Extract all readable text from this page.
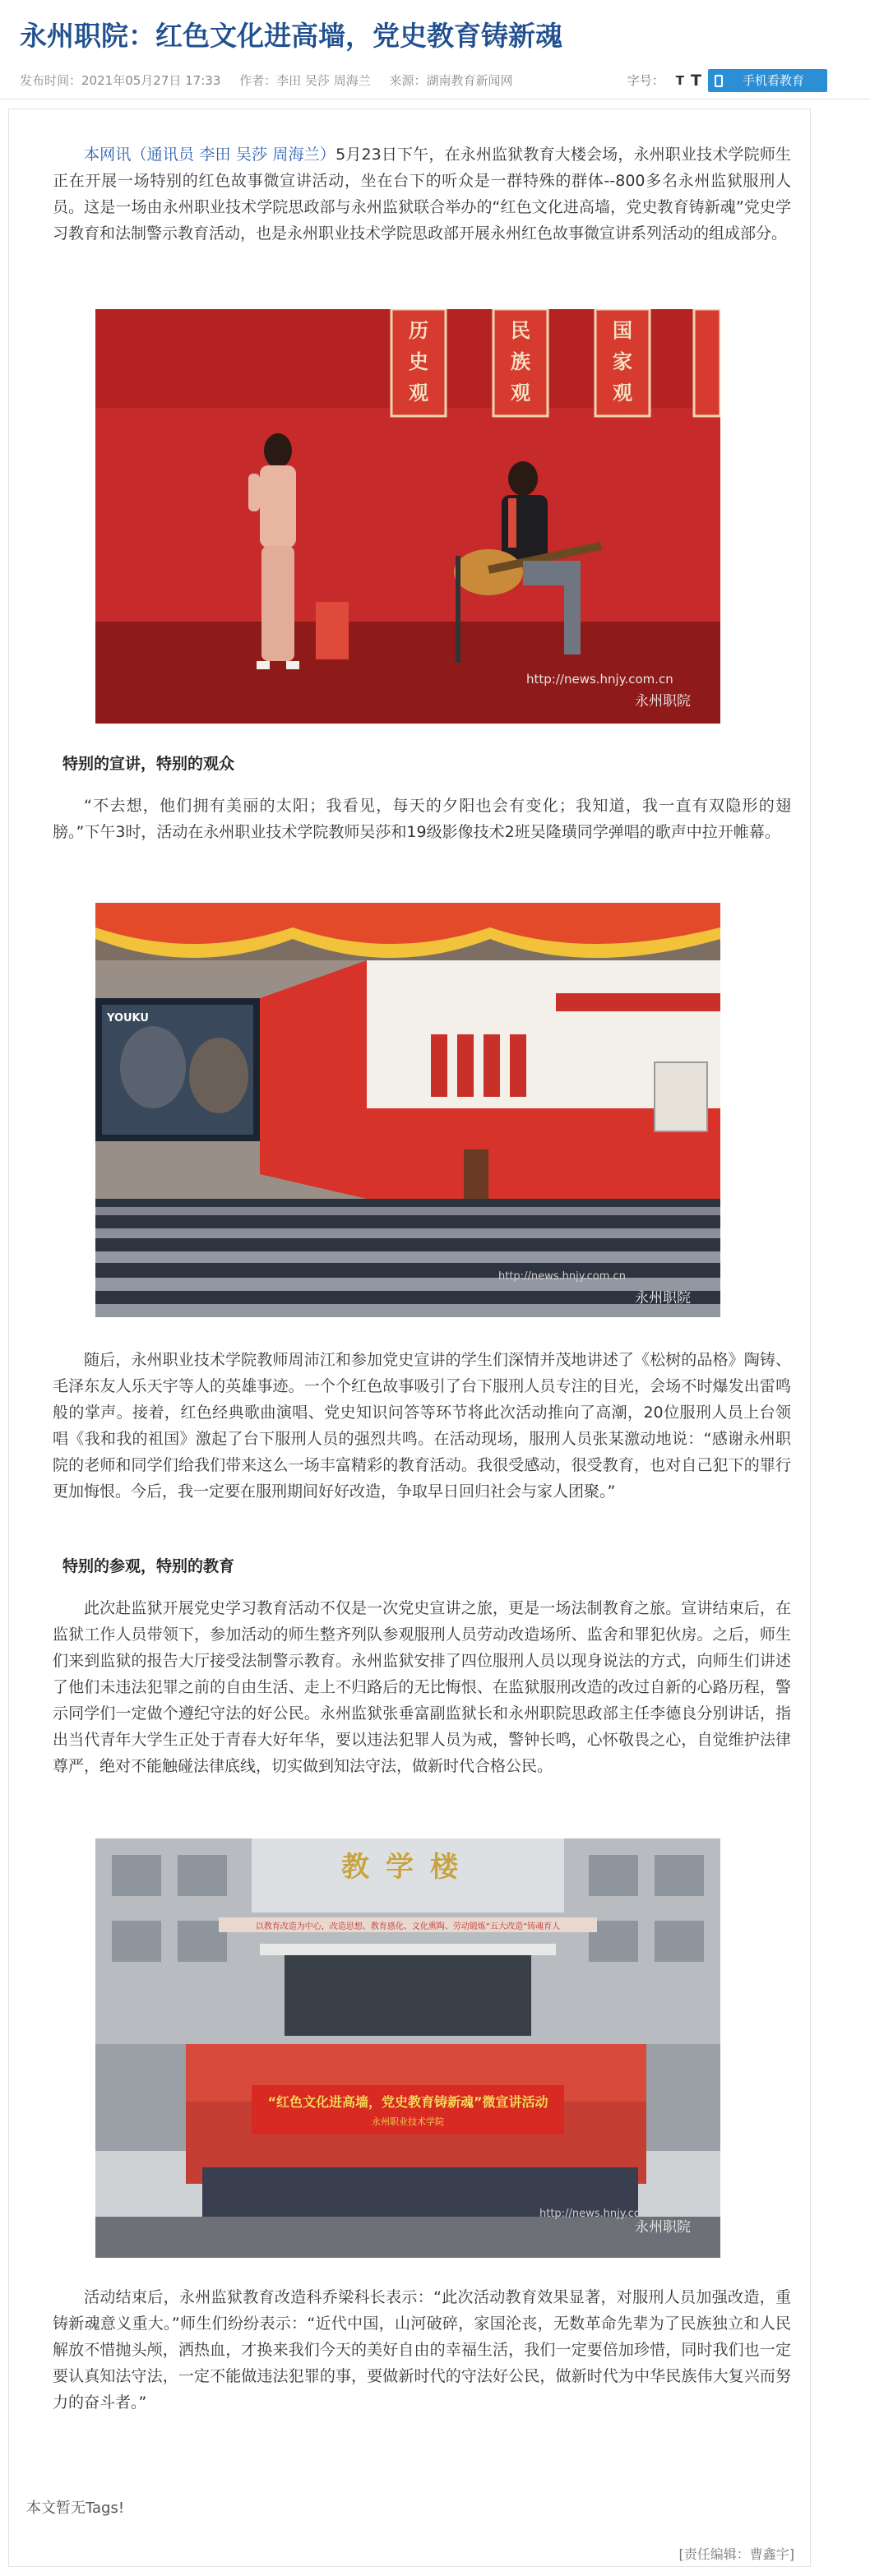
永州职院：红色文化进高墙，党史教育铸新魂
发布时间：2021年05月27日 17:33 作者：李田 吴莎 周海兰 来源：湖南教育新闻网	字号： T T	手机看教育

本网讯（通讯员 李田 吴莎 周海兰）5月23日下午，在永州监狱教育大楼会场，永州职业技术学院师生正在开展一场特别的红色故事微宣讲活动，坐在台下的听众是一群特殊的群体--800多名永州监狱服刑人员。这是一场由永州职业技术学院思政部与永州监狱联合举办的“红色文化进高墙，党史教育铸新魂”党史学习教育和法制警示教育活动，也是永州职业技术学院思政部开展永州红色故事微宣讲系列活动的组成部分。

历
史
观
民
族
观
国
家
观
永州职院
http://news.hnjy.com.cn

特别的宣讲，特别的观众

“不去想，他们拥有美丽的太阳；我看见，每天的夕阳也会有变化；我知道，我一直有双隐形的翅膀。”下午3时，活动在永州职业技术学院教师吴莎和19级影像技术2班吴隆璜同学弹唱的歌声中拉开帷幕。

YOUKU
永州职院
http://news.hnjy.com.cn

随后，永州职业技术学院教师周沛江和参加党史宣讲的学生们深情并茂地讲述了《松树的品格》陶铸、毛泽东友人乐天宇等人的英雄事迹。一个个红色故事吸引了台下服刑人员专注的目光，会场不时爆发出雷鸣般的掌声。接着，红色经典歌曲演唱、党史知识问答等环节将此次活动推向了高潮，20位服刑人员上台领唱《我和我的祖国》激起了台下服刑人员的强烈共鸣。在活动现场，服刑人员张某激动地说：“感谢永州职院的老师和同学们给我们带来这么一场丰富精彩的教育活动。我很受感动，很受教育，也对自己犯下的罪行更加悔恨。今后，我一定要在服刑期间好好改造，争取早日回归社会与家人团聚。”

特别的参观，特别的教育

此次赴监狱开展党史学习教育活动不仅是一次党史宣讲之旅，更是一场法制教育之旅。宣讲结束后，在监狱工作人员带领下，参加活动的师生整齐列队参观服刑人员劳动改造场所、监舍和罪犯伙房。之后，师生们来到监狱的报告大厅接受法制警示教育。永州监狱安排了四位服刑人员以现身说法的方式，向师生们讲述了他们未违法犯罪之前的自由生活、走上不归路后的无比悔恨、在监狱服刑改造的改过自新的心路历程，警示同学们一定做个遵纪守法的好公民。永州监狱张垂富副监狱长和永州职院思政部主任李德良分别讲话，指出当代青年大学生正处于青春大好年华，要以违法犯罪人员为戒，警钟长鸣，心怀敬畏之心，自觉维护法律尊严，绝对不能触碰法律底线，切实做到知法守法，做新时代合格公民。

教学楼
以教育改造为中心，改造思想、教育感化、文化熏陶、劳动锻炼“五大改造”铸魂育人
“红色文化进高墙，党史教育铸新魂”微宣讲活动
永州职业技术学院
永州职院
http://news.hnjy.com.cn

活动结束后，永州监狱教育改造科乔梁科长表示：“此次活动教育效果显著，对服刑人员加强改造，重铸新魂意义重大。”师生们纷纷表示：“近代中国，山河破碎，家国沦丧，无数革命先辈为了民族独立和人民解放不惜抛头颅，洒热血，才换来我们今天的美好自由的幸福生活，我们一定要倍加珍惜，同时我们也一定要认真知法守法，一定不能做违法犯罪的事，要做新时代的守法好公民，做新时代为中华民族伟大复兴而努力的奋斗者。”

本文暂无Tags!
[责任编辑：曹鑫宇]
